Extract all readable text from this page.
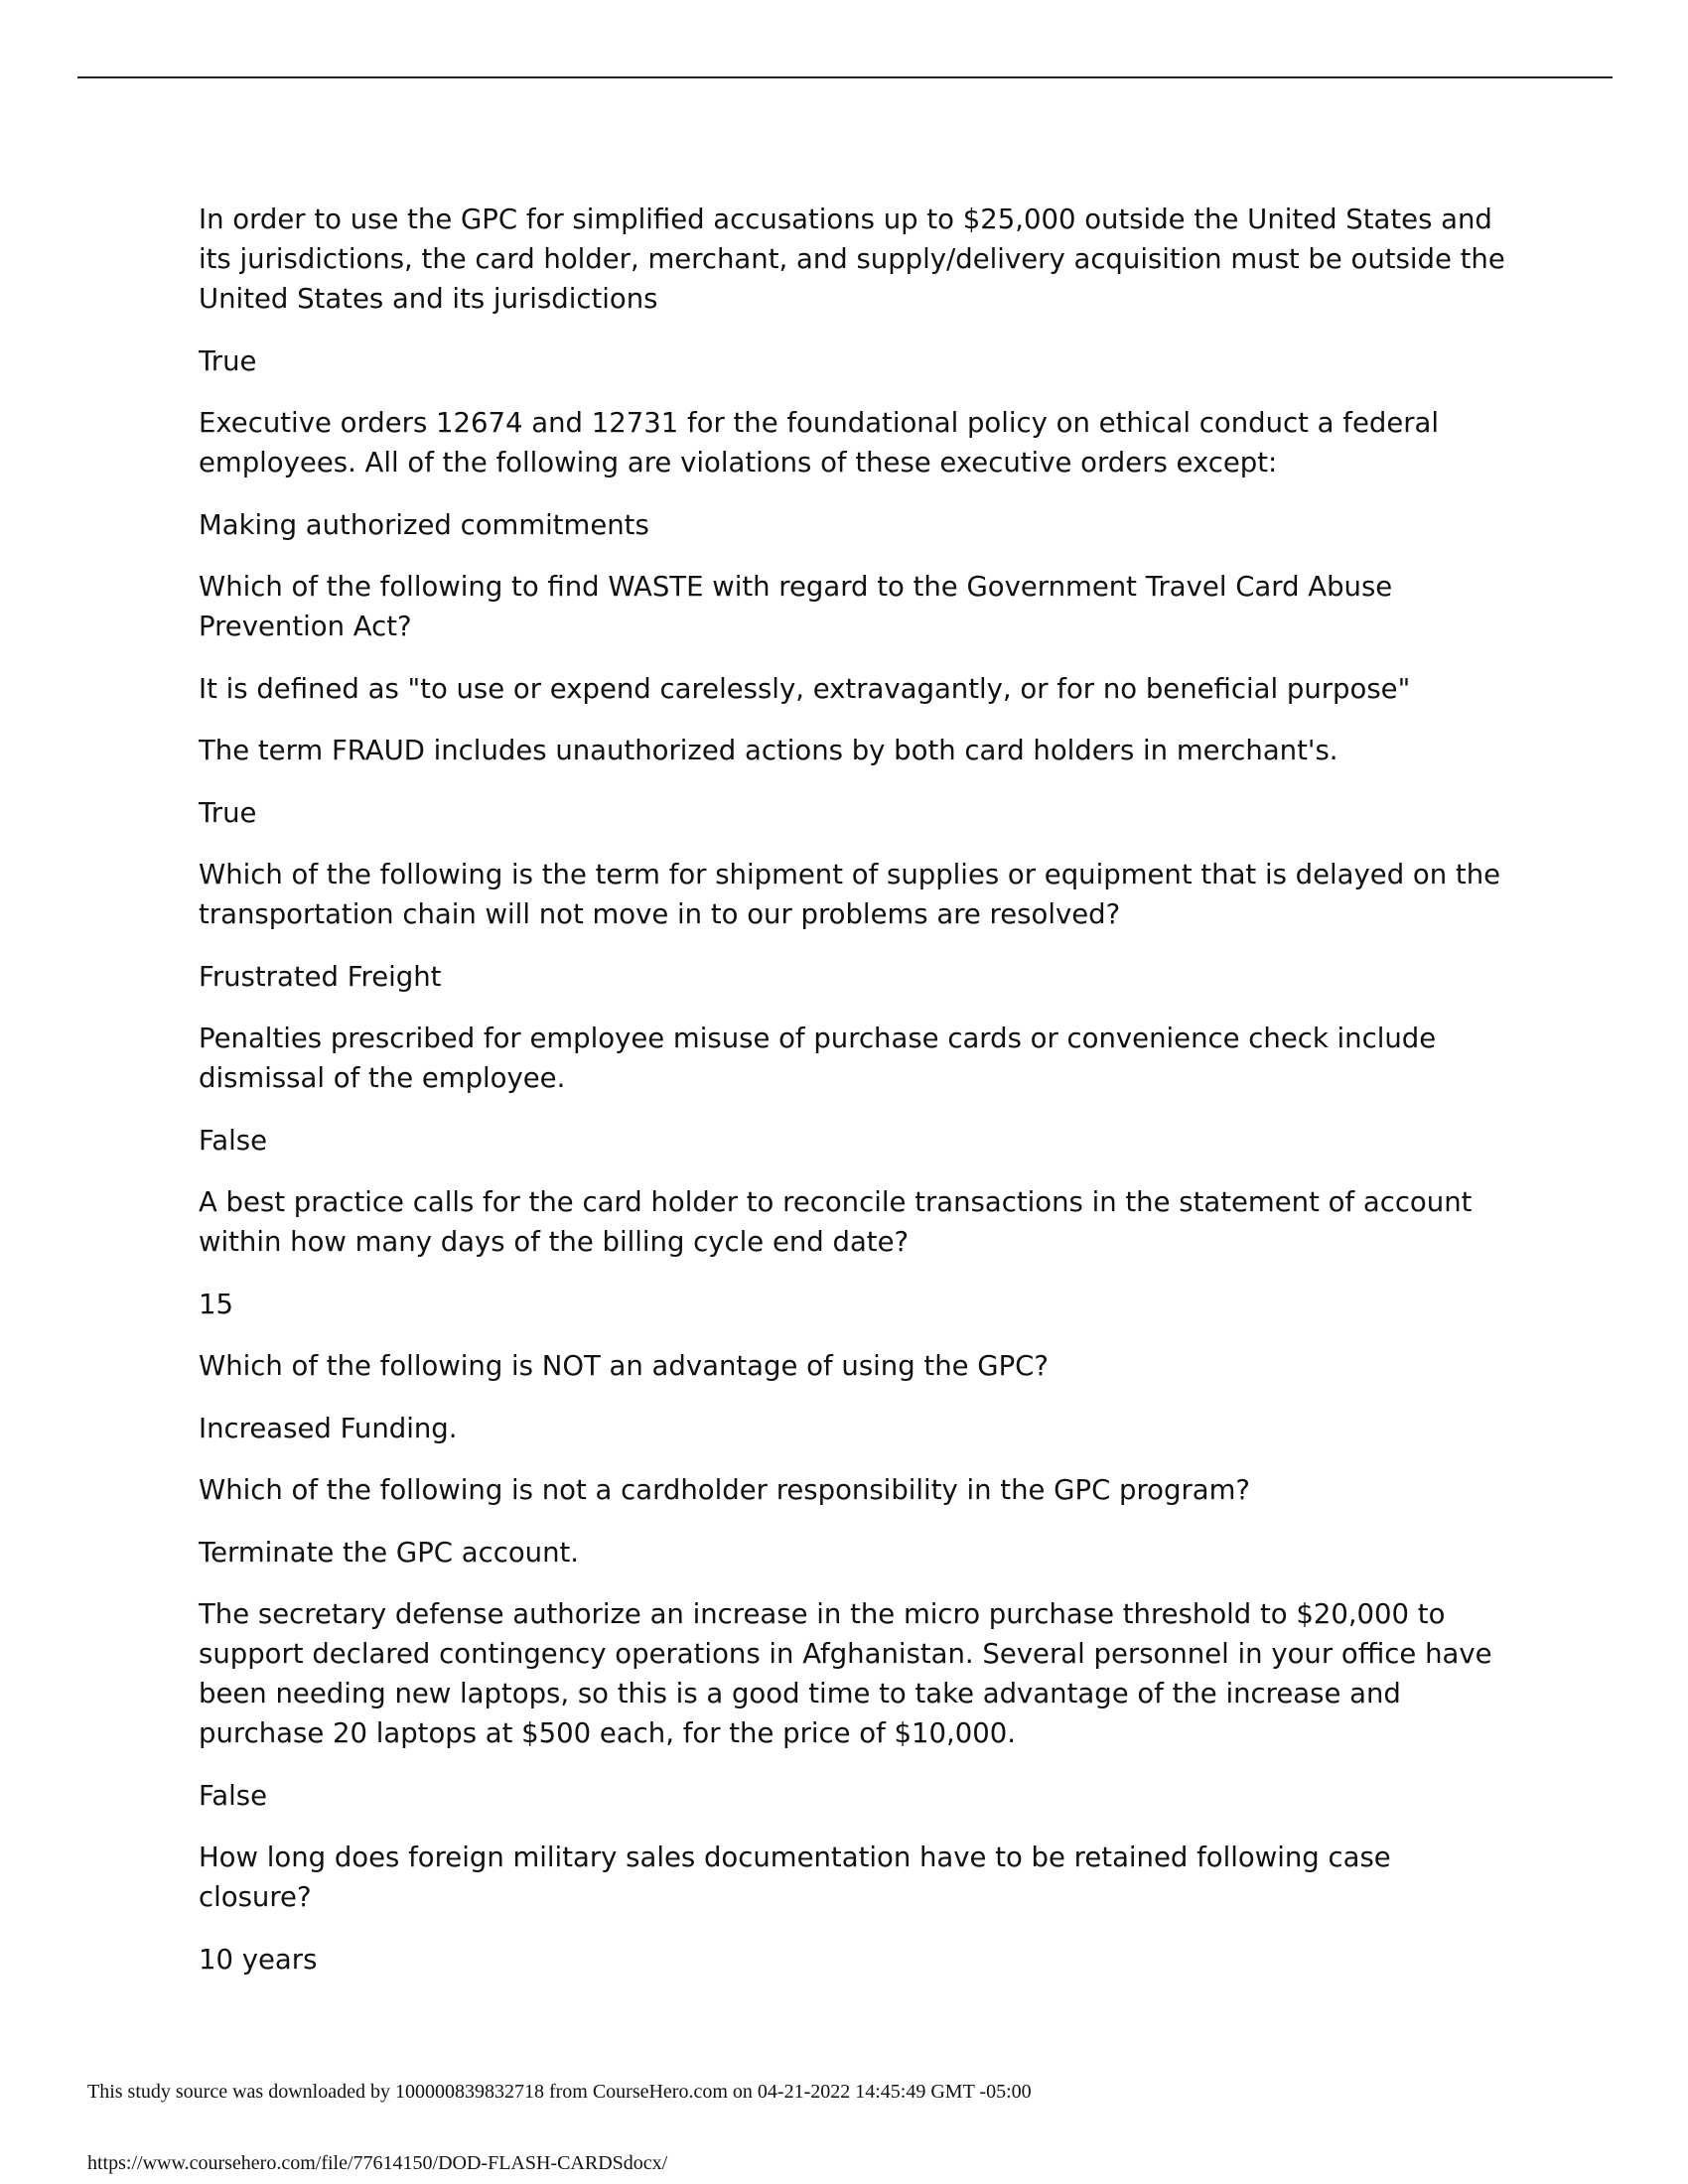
In order to use the GPC for simplified accusations up to $25,000 outside the United States and its jurisdictions, the card holder, merchant, and supply/delivery acquisition must be outside the United States and its jurisdictions

True

Executive orders 12674 and 12731 for the foundational policy on ethical conduct a federal employees. All of the following are violations of these executive orders except:

Making authorized commitments

Which of the following to find WASTE with regard to the Government Travel Card Abuse Prevention Act?

It is defined as "to use or expend carelessly, extravagantly, or for no beneficial purpose"

The term FRAUD includes unauthorized actions by both card holders in merchant's.

True

Which of the following is the term for shipment of supplies or equipment that is delayed on the transportation chain will not move in to our problems are resolved?

Frustrated Freight

Penalties prescribed for employee misuse of purchase cards or convenience check include dismissal of the employee.

False

A best practice calls for the card holder to reconcile transactions in the statement of account within how many days of the billing cycle end date?

15

Which of the following is NOT an advantage of using the GPC?

Increased Funding.

Which of the following is not a cardholder responsibility in the GPC program?

Terminate the GPC account.

The secretary defense authorize an increase in the micro purchase threshold to $20,000 to support declared contingency operations in Afghanistan. Several personnel in your office have been needing new laptops, so this is a good time to take advantage of the increase and purchase 20 laptops at $500 each, for the price of $10,000.

False

How long does foreign military sales documentation have to be retained following case closure?

10 years

This study source was downloaded by 100000839832718 from CourseHero.com on 04-21-2022 14:45:49 GMT -05:00
https://www.coursehero.com/file/77614150/DOD-FLASH-CARDSdocx/
